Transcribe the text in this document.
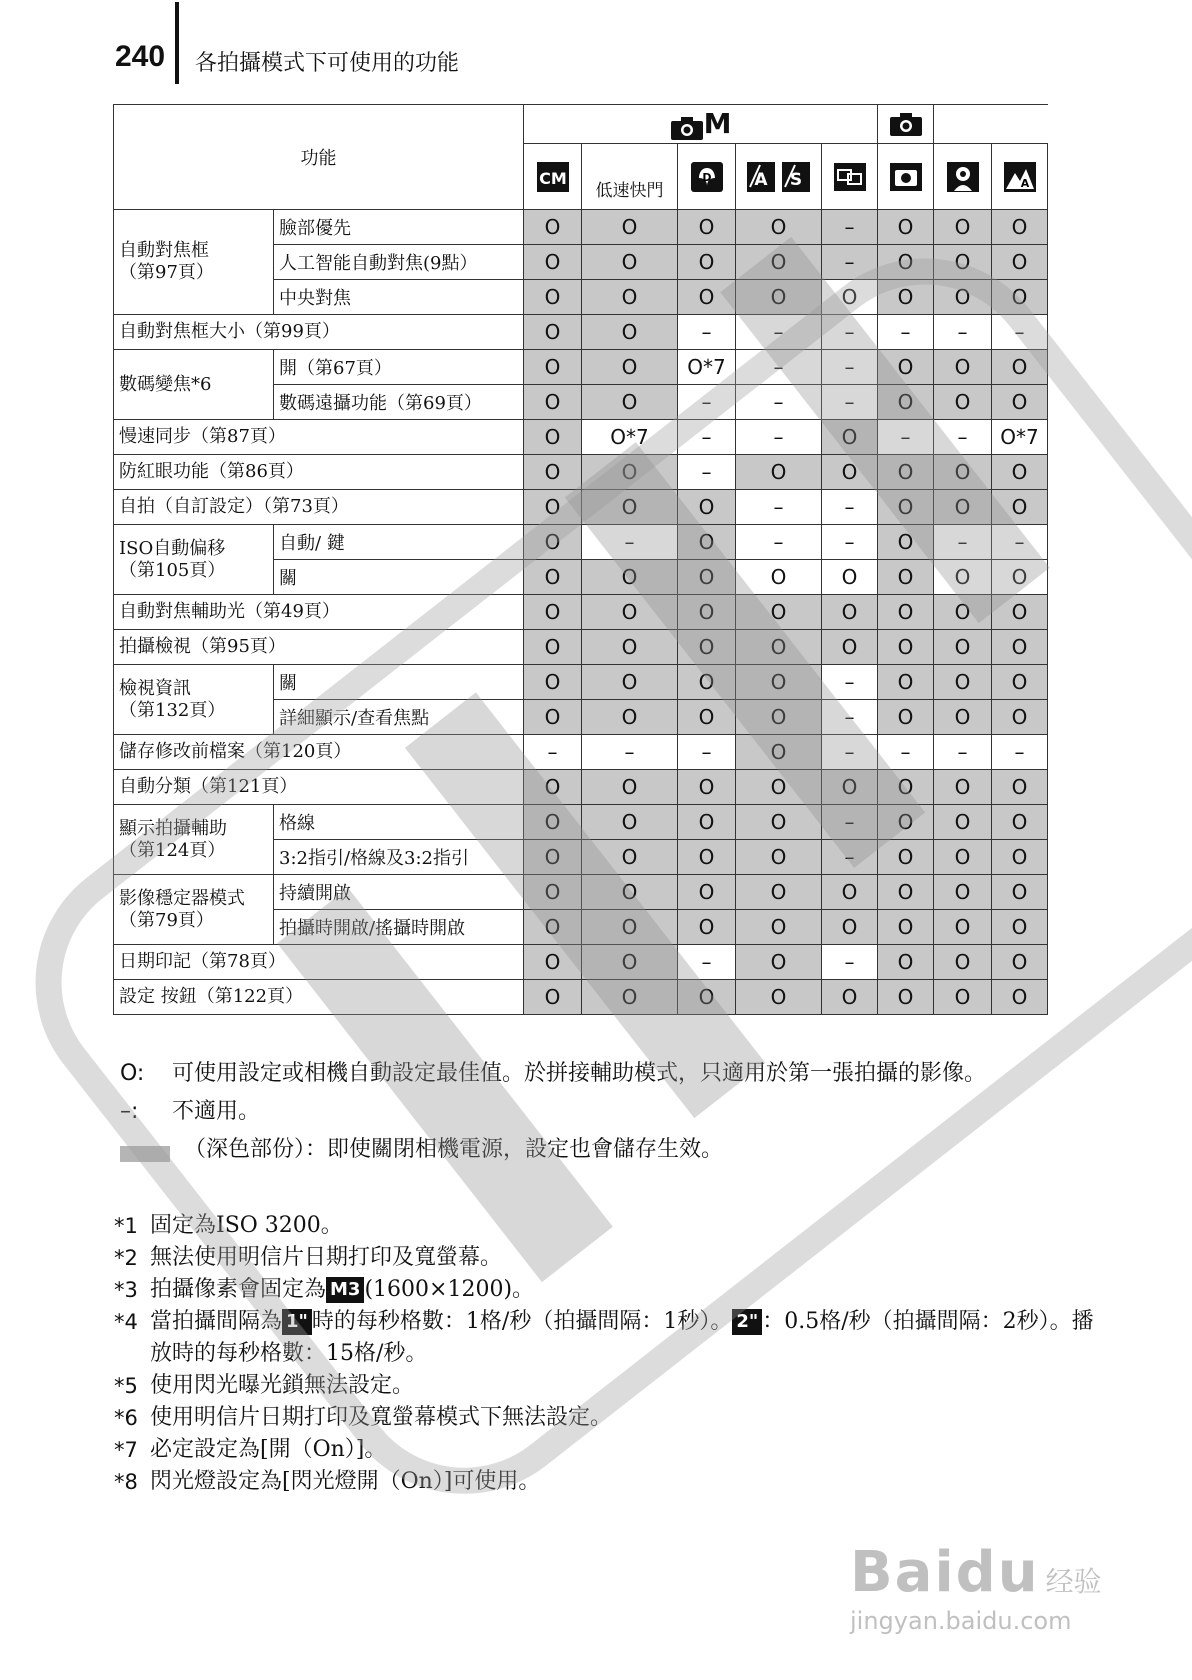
240 各拍攝模式下可使用的功能
功能		M		

CM	低速快門	D	A
S				A

自動對焦框
（第97頁）	臉部優先	O	O	O	O	–	O	O	O
	人工智能自動對焦(9點）	O	O	O	O	–	O	O	O
	中央對焦	O	O	O	O	O	O	O	O
自動對焦框大小（第99頁）		O	O	–	–	–	–	–	–
數碼變焦*6	開（第67頁）	O	O	O*7	–	–	O	O	O
	數碼遠攝功能（第69頁）	O	O	–	–	–	O	O	O
慢速同步（第87頁）		O	O*7	–	–	O	–	–	O*7
防紅眼功能（第86頁）		O	O	–	O	O	O	O	O
自拍（自訂設定）（第73頁）		O	O	O	–	–	O	O	O
ISO自動偏移
（第105頁）	自動/ 鍵	O	–	O	–	–	O	–	–
	關	O	O	O	O	O	O	O	O
自動對焦輔助光（第49頁）		O	O	O	O	O	O	O	O
拍攝檢視（第95頁）		O	O	O	O	O	O	O	O
檢視資訊
（第132頁）	關	O	O	O	O	–	O	O	O
	詳細顯示/查看焦點	O	O	O	O	–	O	O	O
儲存修改前檔案（第120頁）		–	–	–	O	–	–	–	–
自動分類（第121頁）		O	O	O	O	O	O	O	O
顯示拍攝輔助
（第124頁）	格線	O	O	O	O	–	O	O	O
	3:2指引/格線及3:2指引	O	O	O	O	–	O	O	O
影像穩定器模式
（第79頁）	持續開啟	O	O	O	O	O	O	O	O
	拍攝時開啟/搖攝時開啟	O	O	O	O	O	O	O	O
日期印記（第78頁）		O	O	–	O	–	O	O	O
設定 按鈕（第122頁）		O	O	O	O	O	O	O	O
O: 可使用設定或相機自動設定最佳值。於拼接輔助模式，只適用於第一張拍攝的影像。
–: 不適用。
（深色部份）：即使關閉相機電源，設定也會儲存生效。
*1 固定為ISO 3200。
*2 無法使用明信片日期打印及寬螢幕。
*3 拍攝像素會固定為 M3 (1600×1200)。
*4 當拍攝間隔為 1" 時的每秒格數：1格/秒（拍攝間隔：1秒）。 2" ：0.5格/秒（拍攝間隔：2秒）。播放時的每秒格數：15格/秒。
*5 使用閃光曝光鎖無法設定。
*6 使用明信片日期打印及寬螢幕模式下無法設定。
*7 必定設定為[開（On）]。
*8 閃光燈設定為[閃光燈開（On）]可使用。
Baidu 经验
jingyan.baidu.com
